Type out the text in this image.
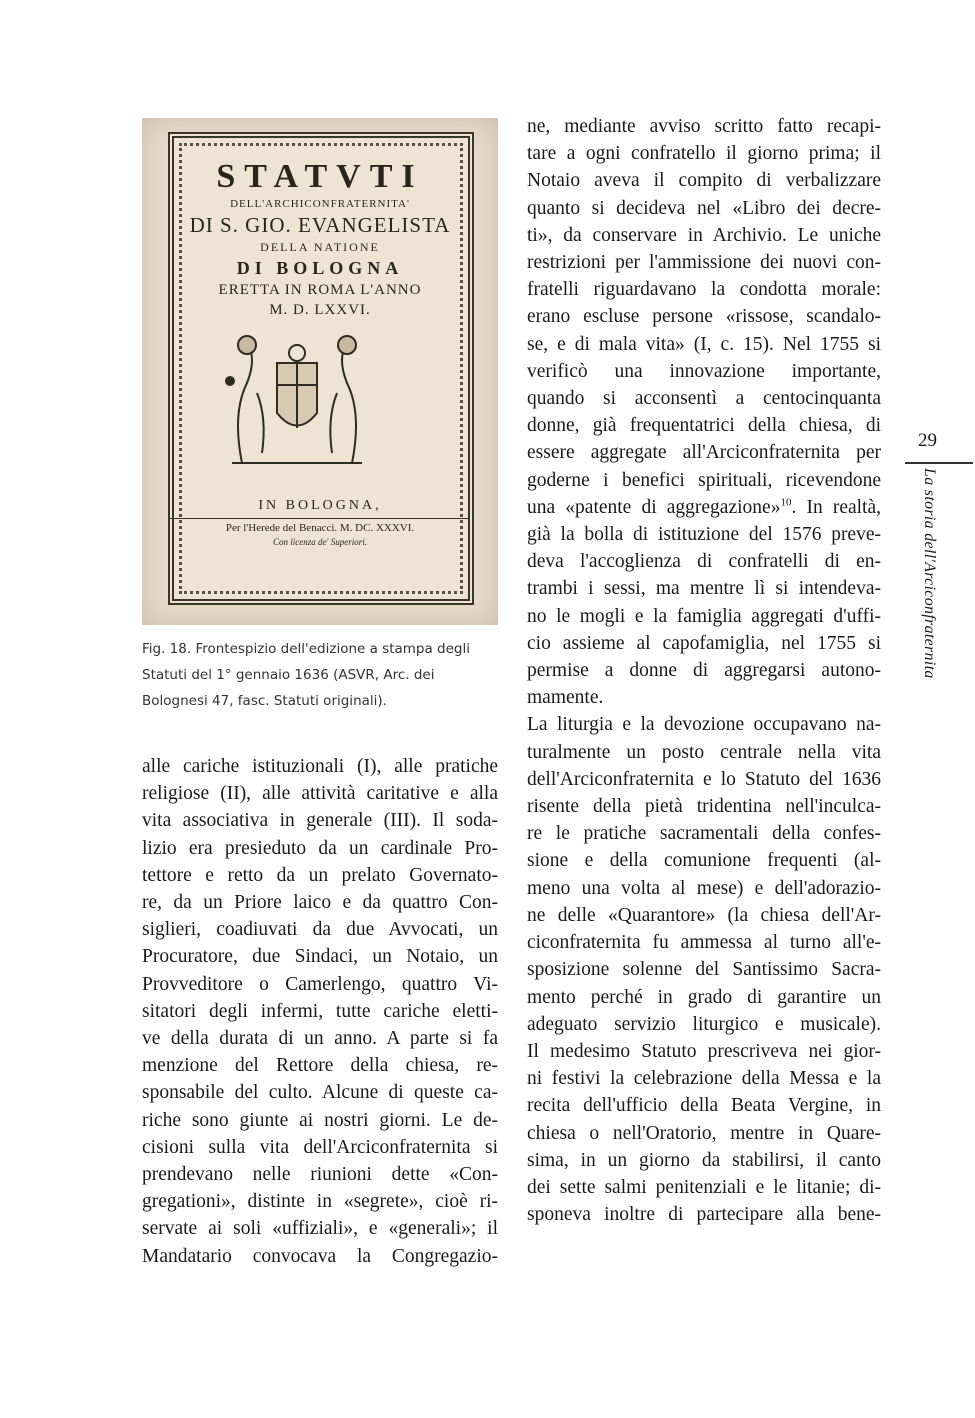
STATVTI
DELL'ARCHICONFRATERNITA'
DI S. GIO. EVANGELISTA
DELLA NATIONE
DI BOLOGNA
ERETTA IN ROMA L'ANNO
M. D. LXXVI.
IN BOLOGNA,
Per l'Herede del Benacci. M. DC. XXXVI.
Con licenza de' Superiori.

Fig. 18. Frontespizio dell'edizione a stampa degli

Statuti del 1° gennaio 1636 (ASVR, Arc. dei

Bolognesi 47, fasc. Statuti originali).

alle cariche istituzionali (I), alle pratiche
religiose (II), alle attività caritative e alla
vita associativa in generale (III). Il soda-
lizio era presieduto da un cardinale Pro-
tettore e retto da un prelato Governato-
re, da un Priore laico e da quattro Con-
siglieri, coadiuvati da due Avvocati, un
Procuratore, due Sindaci, un Notaio, un
Provveditore o Camerlengo, quattro Vi-
sitatori degli infermi, tutte cariche eletti-
ve della durata di un anno. A parte si fa
menzione del Rettore della chiesa, re-
sponsabile del culto. Alcune di queste ca-
riche sono giunte ai nostri giorni. Le de-
cisioni sulla vita dell'Arciconfraternita si
prendevano nelle riunioni dette «Con-
gregationi», distinte in «segrete», cioè ri-
servate ai soli «uffiziali», e «generali»; il
Mandatario convocava la Congregazio-
ne, mediante avviso scritto fatto recapi-
tare a ogni confratello il giorno prima; il
Notaio aveva il compito di verbalizzare
quanto si decideva nel «Libro dei decre-
ti», da conservare in Archivio. Le uniche
restrizioni per l'ammissione dei nuovi con-
fratelli riguardavano la condotta morale:
erano escluse persone «rissose, scandalo-
se, e di mala vita» (I, c. 15). Nel 1755 si
verificò una innovazione importante,
quando si acconsentì a centocinquanta
donne, già frequentatrici della chiesa, di
essere aggregate all'Arciconfraternita per
goderne i benefici spirituali, ricevendone
una «patente di aggregazione»$^{10}$. In realtà,
già la bolla di istituzione del 1576 preve-
deva l'accoglienza di confratelli di en-
trambi i sessi, ma mentre lì si intendeva-
no le mogli e la famiglia aggregati d'uffi-
cio assieme al capofamiglia, nel 1755 si
permise a donne di aggregarsi autono-
mamente.
La liturgia e la devozione occupavano na-
turalmente un posto centrale nella vita
dell'Arciconfraternita e lo Statuto del 1636
risente della pietà tridentina nell'inculca-
re le pratiche sacramentali della confes-
sione e della comunione frequenti (al-
meno una volta al mese) e dell'adorazio-
ne delle «Quarantore» (la chiesa dell'Ar-
ciconfraternita fu ammessa al turno all'e-
sposizione solenne del Santissimo Sacra-
mento perché in grado di garantire un
adeguato servizio liturgico e musicale).
Il medesimo Statuto prescriveva nei gior-
ni festivi la celebrazione della Messa e la
recita dell'ufficio della Beata Vergine, in
chiesa o nell'Oratorio, mentre in Quare-
sima, in un giorno da stabilirsi, il canto
dei sette salmi penitenziali e le litanie; di-
sponeva inoltre di partecipare alla bene-
29
La storia dell'Arciconfraternita
